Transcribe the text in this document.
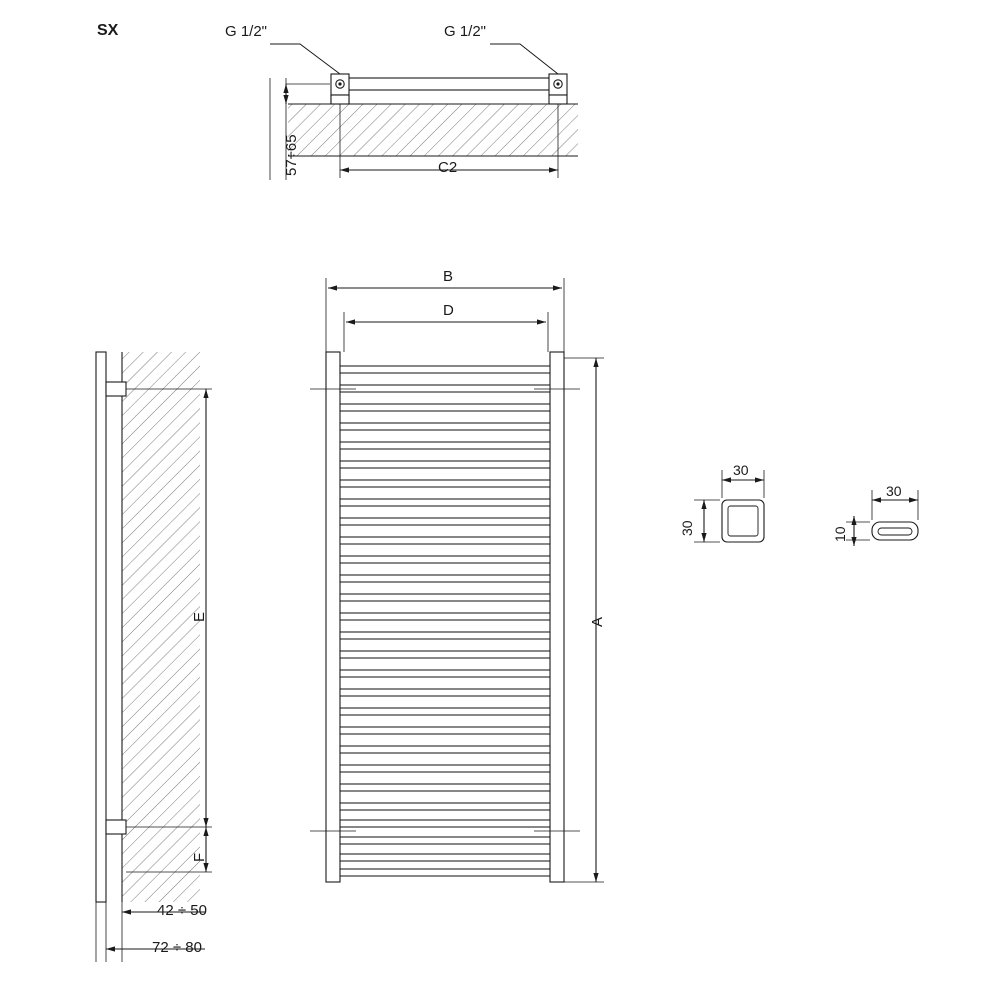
SX	G 1/2"	G 1/2"
57÷65	C2
B
D
A
E
F
42 ÷ 50
72 ÷ 80
30
30
30
10
